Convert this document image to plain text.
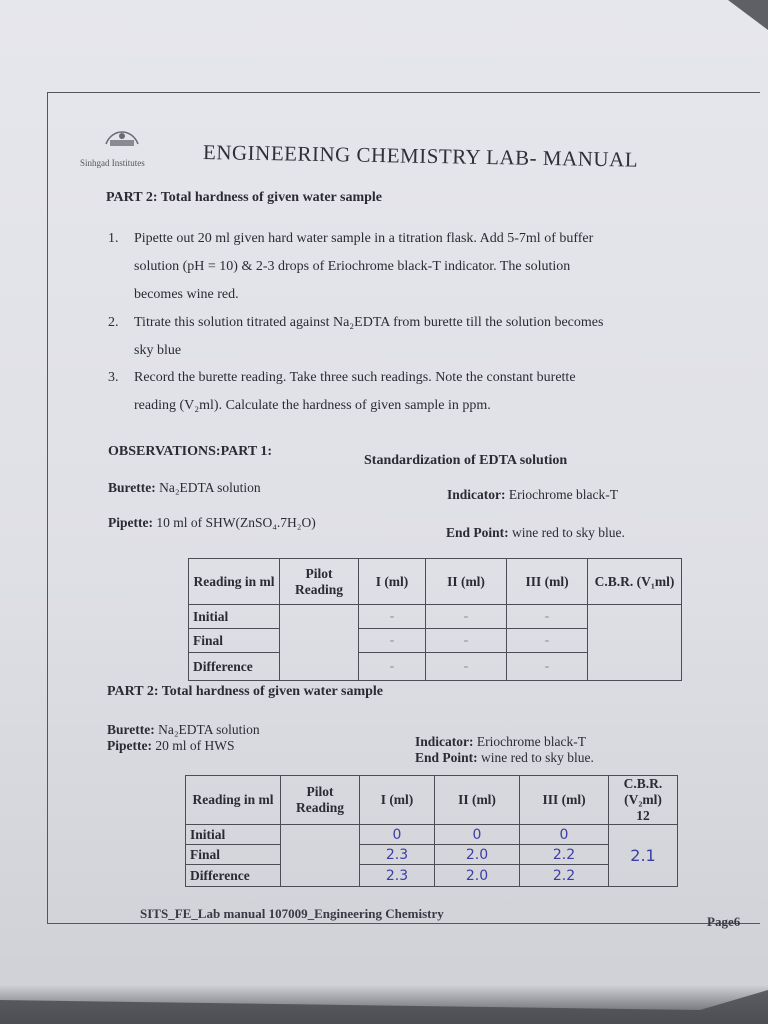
Sinhgad Institutes	ENGINEERING CHEMISTRY LAB- MANUAL
PART 2: Total hardness of given water sample
1. Pipette out 20 ml given hard water sample in a titration flask. Add 5-7ml of buffer
solution (pH = 10) & 2-3 drops of Eriochrome black-T indicator. The solution
becomes wine red.
2. Titrate this solution titrated against Na₂EDTA from burette till the solution becomes
sky blue
3. Record the burette reading. Take three such readings. Note the constant burette
reading (V₂ml). Calculate the hardness of given sample in ppm.
OBSERVATIONS:PART 1:
Standardization of EDTA solution
Burette: Na₂EDTA solution	Indicator: Eriochrome black-T
Pipette: 10 ml of SHW(ZnSO₄.7H₂O)
End Point: wine red to sky blue.
Reading in ml	Pilot Reading	I (ml)	II (ml)	III (ml)	C.B.R. (V₁ml)
Initial		-	-	-	
Final		-	-	-	
Difference		-	-	-	
PART 2: Total hardness of given water sample
Burette: Na₂EDTA solution
Pipette: 20 ml of HWS	Indicator: Eriochrome black-T
End Point: wine red to sky blue.
Reading in ml	Pilot Reading	I (ml)	II (ml)	III (ml)	C.B.R. (V₂ml)
12
Initial		0	0	0	2.1
Final		2.3	2.0	2.2	
Difference		2.3	2.0	2.2	
SITS_FE_Lab manual 107009_Engineering Chemistry
Page6
